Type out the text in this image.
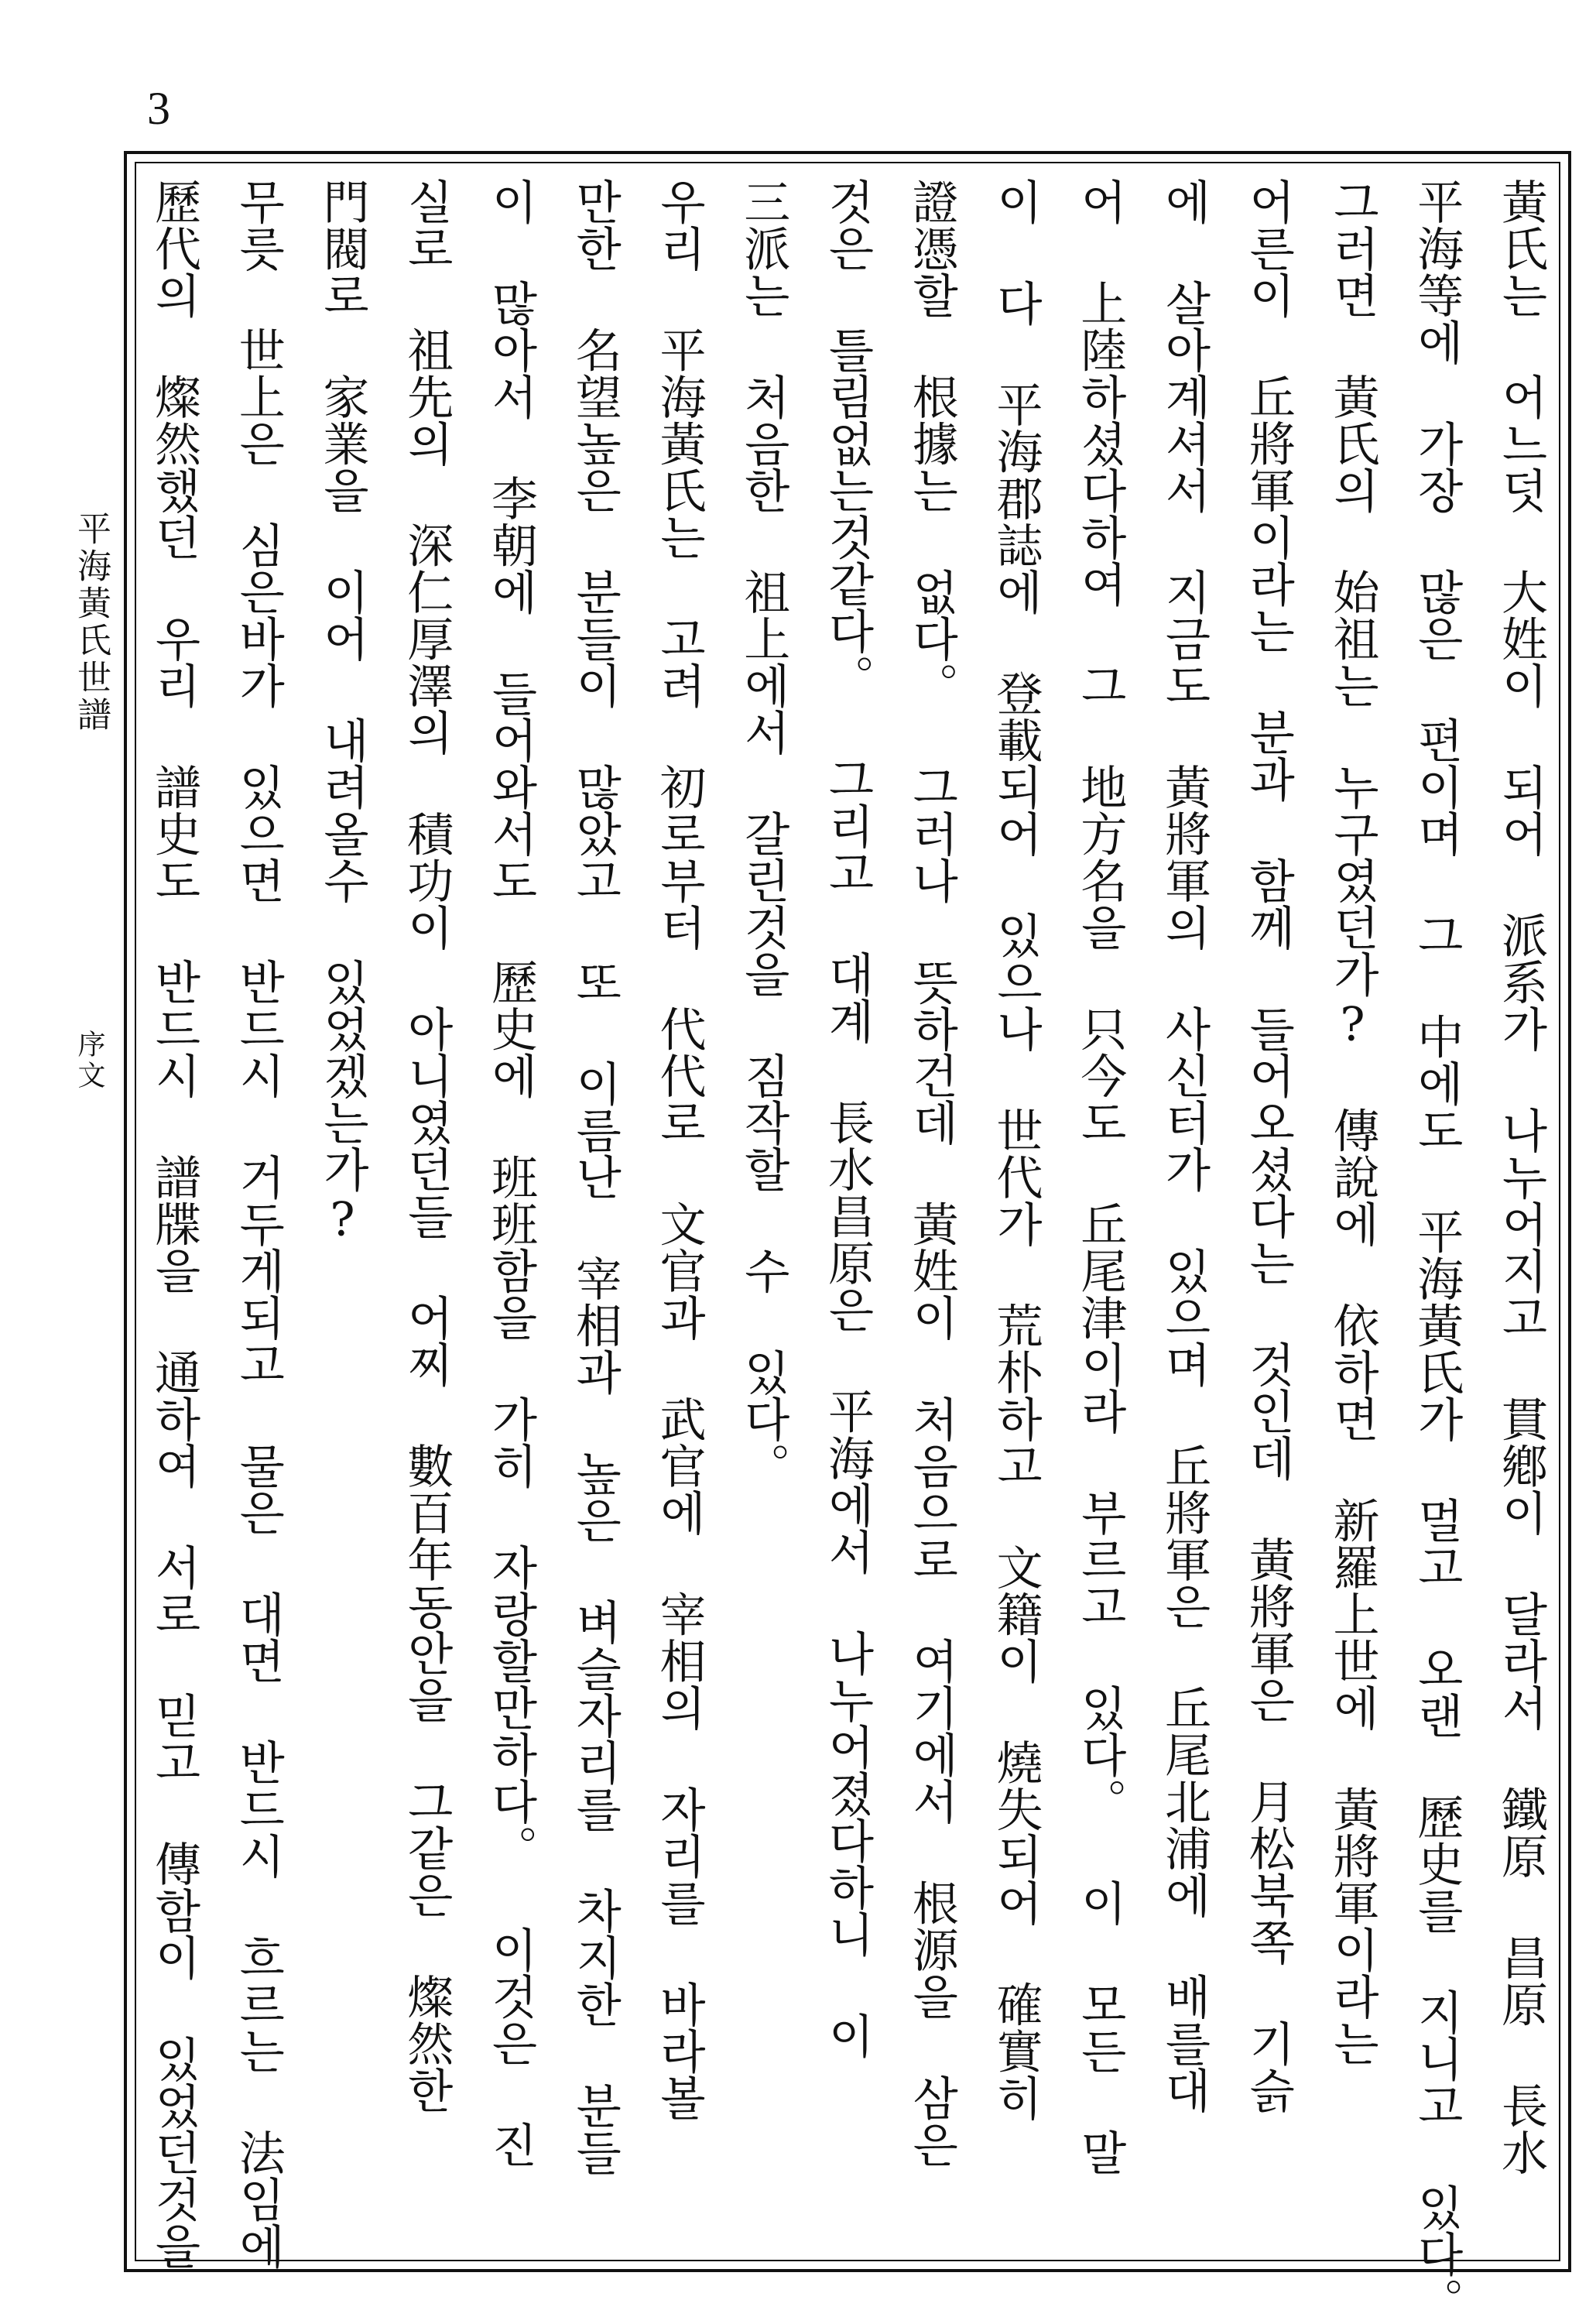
3
平海黃氏世譜
序文	黃氏는 어느덧 大姓이 되어 派系가 나누어지고 貫鄕이 달라서 鐵原 昌原 長水
平海等에 가장 많은 편이며 그 中에도 平海黃氏가 멀고 오랜 歷史를 지니고 있다。
그러면 黃氏의 始祖는 누구였던가? 傳說에 依하면 新羅上世에 黃將軍이라는
어른이 丘將軍이라는 분과 함께 들어오셨다는 것인데 黃將軍은 月松북쪽 기슭
에 살아계셔서 지금도 黃將軍의 사신터가 있으며 丘將軍은 丘尾北浦에 배를대
어 上陸하셨다하여 그 地方名을 只今도 丘尾津이라 부르고 있다。 이 모든 말
이 다 平海郡誌에 登載되어 있으나 世代가 荒朴하고 文籍이 燒失되어 確實히
證憑할 根據는 없다。 그러나 뜻하건데 黃姓이 처음으로 여기에서 根源을 삼은
것은 틀림없는것같다。 그리고 대계 長水昌原은 平海에서 나누어졌다하니 이
三派는 처음한 祖上에서 갈린것을 짐작할 수 있다。
우리 平海黃氏는 고려 初로부터 代代로 文官과 武官에 宰相의 자리를 바라볼
만한 名望높은 분들이 많았고 또 이름난 宰相과 높은 벼슬자리를 차지한 분들
이 많아서 李朝에 들어와서도 歷史에 班班함을 가히 자랑할만하다。 이것은 진
실로 祖先의 深仁厚澤의 積功이 아니였던들 어찌 數百年동안을 그같은 燦然한
門閥로 家業을 이어 내려올수 있었겠는가?
무릇 世上은 심은바가 있으면 반드시 거두게되고 물은 대면 반드시 흐르는 法임에
歷代의 燦然했던 우리 譜史도 반드시 譜牒을 通하여 서로 믿고 傳함이 있었던것을
